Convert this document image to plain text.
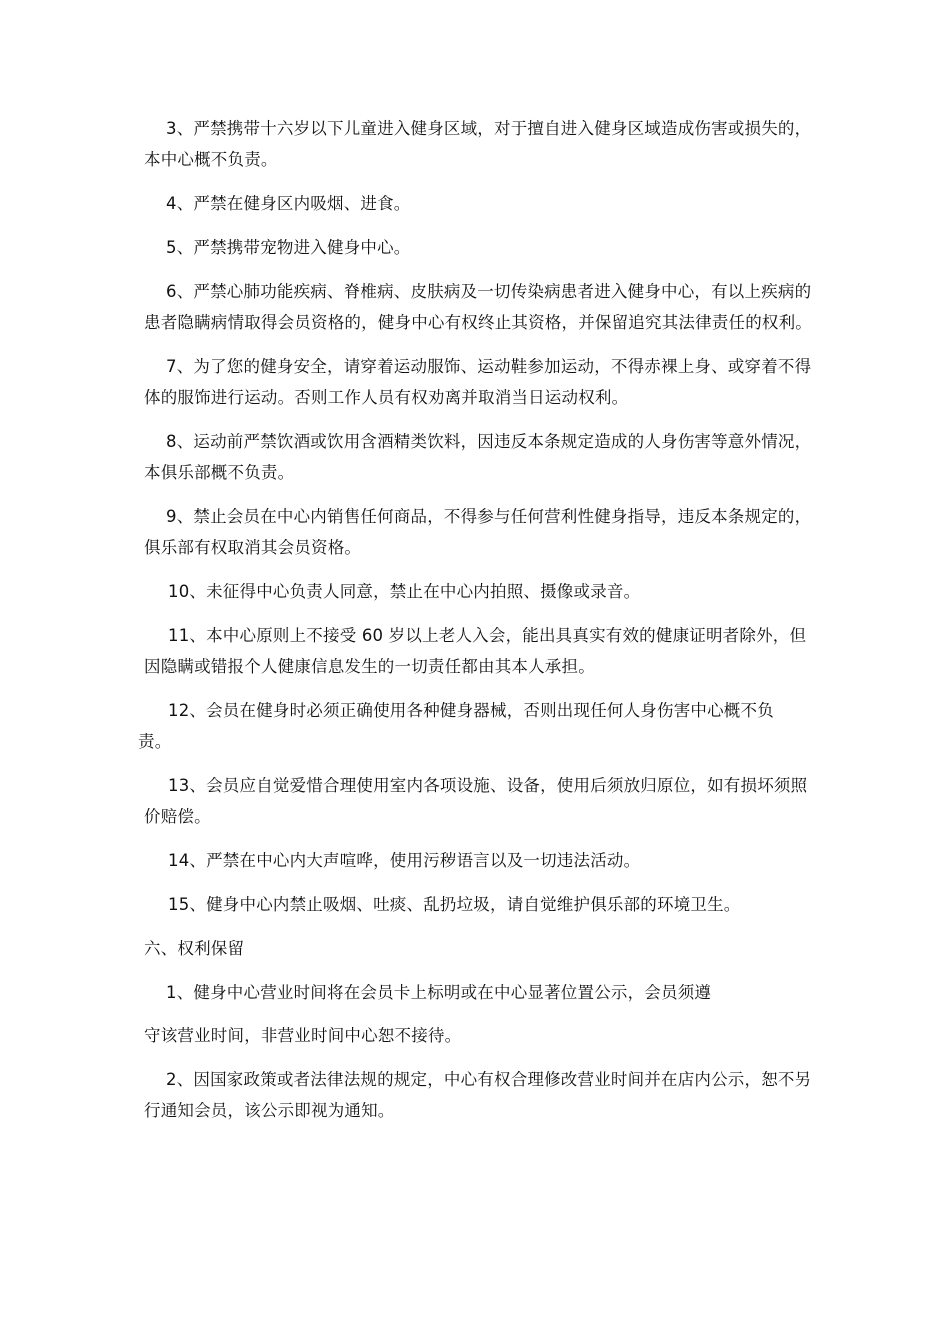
3、严禁携带十六岁以下儿童进入健身区域，对于擅自进入健身区域造成伤害或损失的，本中心概不负责。

4、严禁在健身区内吸烟、进食。

5、严禁携带宠物进入健身中心。

6、严禁心肺功能疾病、脊椎病、皮肤病及一切传染病患者进入健身中心，有以上疾病的患者隐瞒病情取得会员资格的，健身中心有权终止其资格，并保留追究其法律责任的权利。

7、为了您的健身安全，请穿着运动服饰、运动鞋参加运动，不得赤裸上身、或穿着不得体的服饰进行运动。否则工作人员有权劝离并取消当日运动权利。

8、运动前严禁饮酒或饮用含酒精类饮料，因违反本条规定造成的人身伤害等意外情况，本俱乐部概不负责。

9、禁止会员在中心内销售任何商品，不得参与任何营利性健身指导，违反本条规定的，俱乐部有权取消其会员资格。

10、未征得中心负责人同意，禁止在中心内拍照、摄像或录音。

11、本中心原则上不接受 60 岁以上老人入会，能出具真实有效的健康证明者除外，但因隐瞒或错报个人健康信息发生的一切责任都由其本人承担。

12、会员在健身时必须正确使用各种健身器械，否则出现任何人身伤害中心概不负
责。

13、会员应自觉爱惜合理使用室内各项设施、设备，使用后须放归原位，如有损坏须照价赔偿。

14、严禁在中心内大声喧哗，使用污秽语言以及一切违法活动。

15、健身中心内禁止吸烟、吐痰、乱扔垃圾，请自觉维护俱乐部的环境卫生。

六、权利保留

1、健身中心营业时间将在会员卡上标明或在中心显著位置公示，会员须遵

守该营业时间，非营业时间中心恕不接待。

2、因国家政策或者法律法规的规定，中心有权合理修改营业时间并在店内公示，恕不另行通知会员，该公示即视为通知。
